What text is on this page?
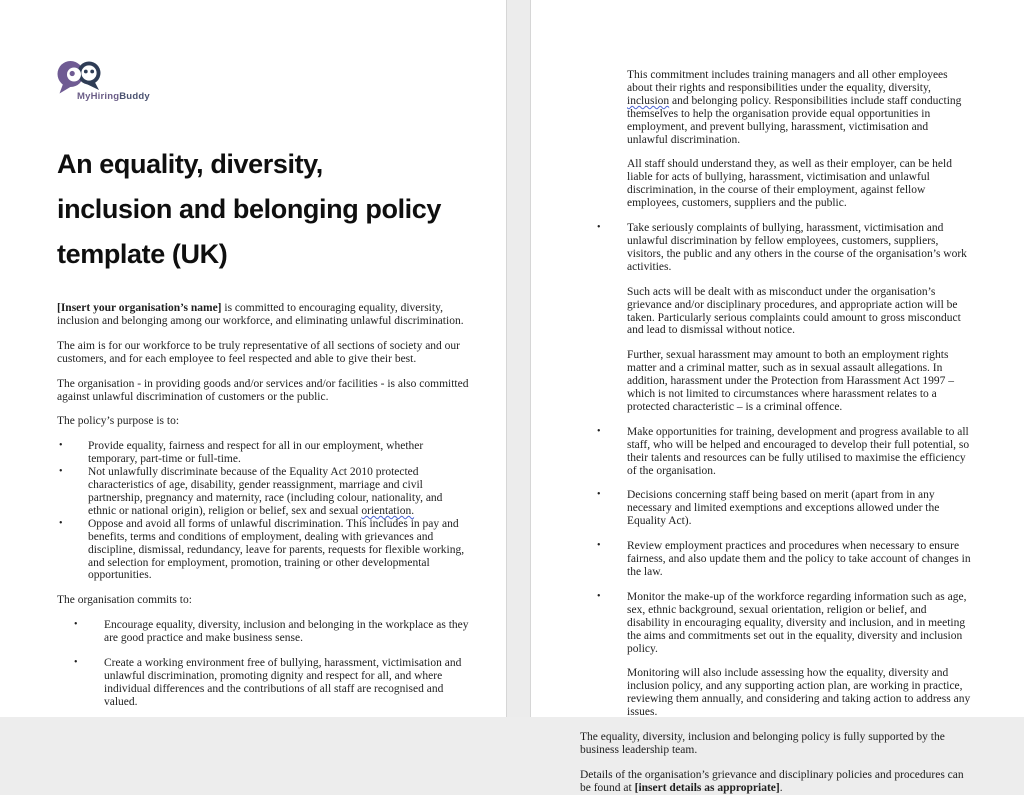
MyHiringBuddy
An equality, diversity,
inclusion and belonging policy
template (UK)
[Insert your organisation’s name] is committed to encouraging equality, diversity, inclusion and belonging among our workforce, and eliminating unlawful discrimination.
The aim is for our workforce to be truly representative of all sections of society and our customers, and for each employee to feel respected and able to give their best.
The organisation - in providing goods and/or services and/or facilities - is also committed against unlawful discrimination of customers or the public.
The policy’s purpose is to:
• Provide equality, fairness and respect for all in our employment, whether temporary, part-time or full-time.
• Not unlawfully discriminate because of the Equality Act 2010 protected characteristics of age, disability, gender reassignment, marriage and civil partnership, pregnancy and maternity, race (including colour, nationality, and ethnic or national origin), religion or belief, sex and sexual orientation.
• Oppose and avoid all forms of unlawful discrimination. This includes in pay and benefits, terms and conditions of employment, dealing with grievances and discipline, dismissal, redundancy, leave for parents, requests for flexible working, and selection for employment, promotion, training or other developmental opportunities.
The organisation commits to:
• Encourage equality, diversity, inclusion and belonging in the workplace as they are good practice and make business sense.
• Create a working environment free of bullying, harassment, victimisation and unlawful discrimination, promoting dignity and respect for all, and where individual differences and the contributions of all staff are recognised and valued.
This commitment includes training managers and all other employees about their rights and responsibilities under the equality, diversity, inclusion and belonging policy. Responsibilities include staff conducting themselves to help the organisation provide equal opportunities in employment, and prevent bullying, harassment, victimisation and unlawful discrimination.
All staff should understand they, as well as their employer, can be held liable for acts of bullying, harassment, victimisation and unlawful discrimination, in the course of their employment, against fellow employees, customers, suppliers and the public.
• Take seriously complaints of bullying, harassment, victimisation and unlawful discrimination by fellow employees, customers, suppliers, visitors, the public and any others in the course of the organisation’s work activities.
Such acts will be dealt with as misconduct under the organisation’s grievance and/or disciplinary procedures, and appropriate action will be taken. Particularly serious complaints could amount to gross misconduct and lead to dismissal without notice.
Further, sexual harassment may amount to both an employment rights matter and a criminal matter, such as in sexual assault allegations. In addition, harassment under the Protection from Harassment Act 1997 – which is not limited to circumstances where harassment relates to a protected characteristic – is a criminal offence.
• Make opportunities for training, development and progress available to all staff, who will be helped and encouraged to develop their full potential, so their talents and resources can be fully utilised to maximise the efficiency of the organisation.
• Decisions concerning staff being based on merit (apart from in any necessary and limited exemptions and exceptions allowed under the Equality Act).
• Review employment practices and procedures when necessary to ensure fairness, and also update them and the policy to take account of changes in the law.
• Monitor the make-up of the workforce regarding information such as age, sex, ethnic background, sexual orientation, religion or belief, and disability in encouraging equality, diversity and inclusion, and in meeting the aims and commitments set out in the equality, diversity and inclusion policy.
Monitoring will also include assessing how the equality, diversity and inclusion policy, and any supporting action plan, are working in practice, reviewing them annually, and considering and taking action to address any issues.
The equality, diversity, inclusion and belonging policy is fully supported by the business leadership team.
Details of the organisation’s grievance and disciplinary policies and procedures can be found at [insert details as appropriate].
